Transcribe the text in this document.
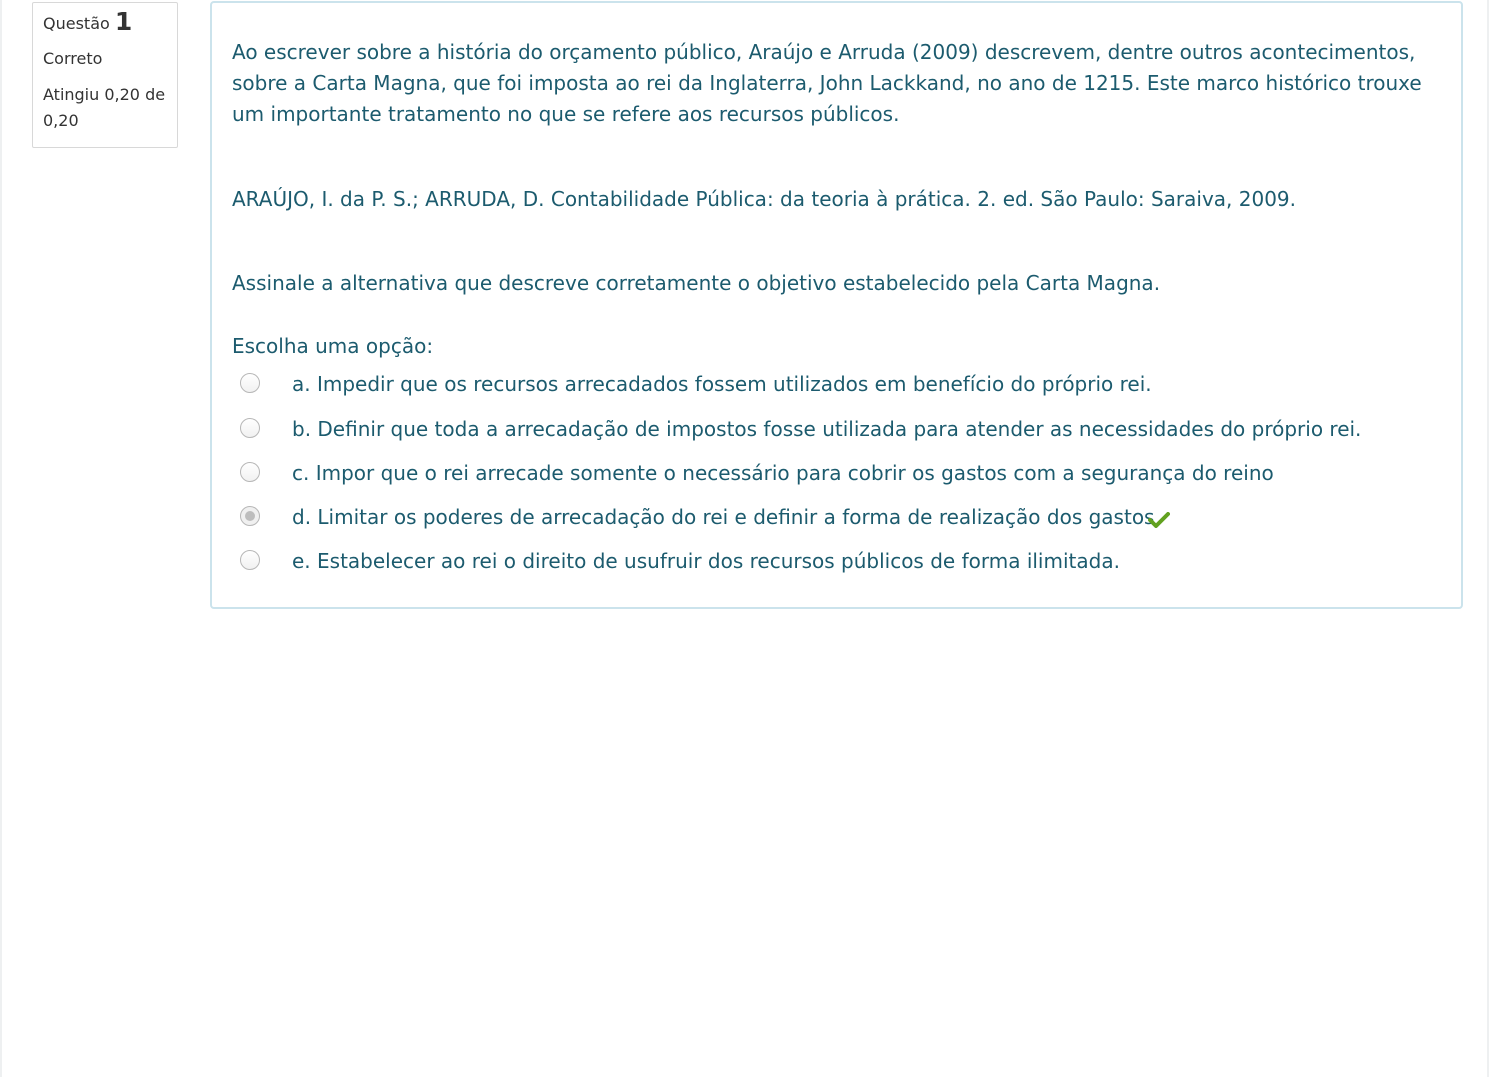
Questão 1
Correto
Atingiu 0,20 de 0,20

Ao escrever sobre a história do orçamento público, Araújo e Arruda (2009) descrevem, dentre outros acontecimentos, sobre a Carta Magna, que foi imposta ao rei da Inglaterra, John Lackkand, no ano de 1215. Este marco histórico trouxe um importante tratamento no que se refere aos recursos públicos.

ARAÚJO, I. da P. S.; ARRUDA, D. Contabilidade Pública: da teoria à prática. 2. ed. São Paulo: Saraiva, 2009.

Assinale a alternativa que descreve corretamente o objetivo estabelecido pela Carta Magna.

Escolha uma opção:
a. Impedir que os recursos arrecadados fossem utilizados em benefício do próprio rei.
b. Definir que toda a arrecadação de impostos fosse utilizada para atender as necessidades do próprio rei.
c. Impor que o rei arrecade somente o necessário para cobrir os gastos com a segurança do reino
d. Limitar os poderes de arrecadação do rei e definir a forma de realização dos gastos
e. Estabelecer ao rei o direito de usufruir dos recursos públicos de forma ilimitada.
